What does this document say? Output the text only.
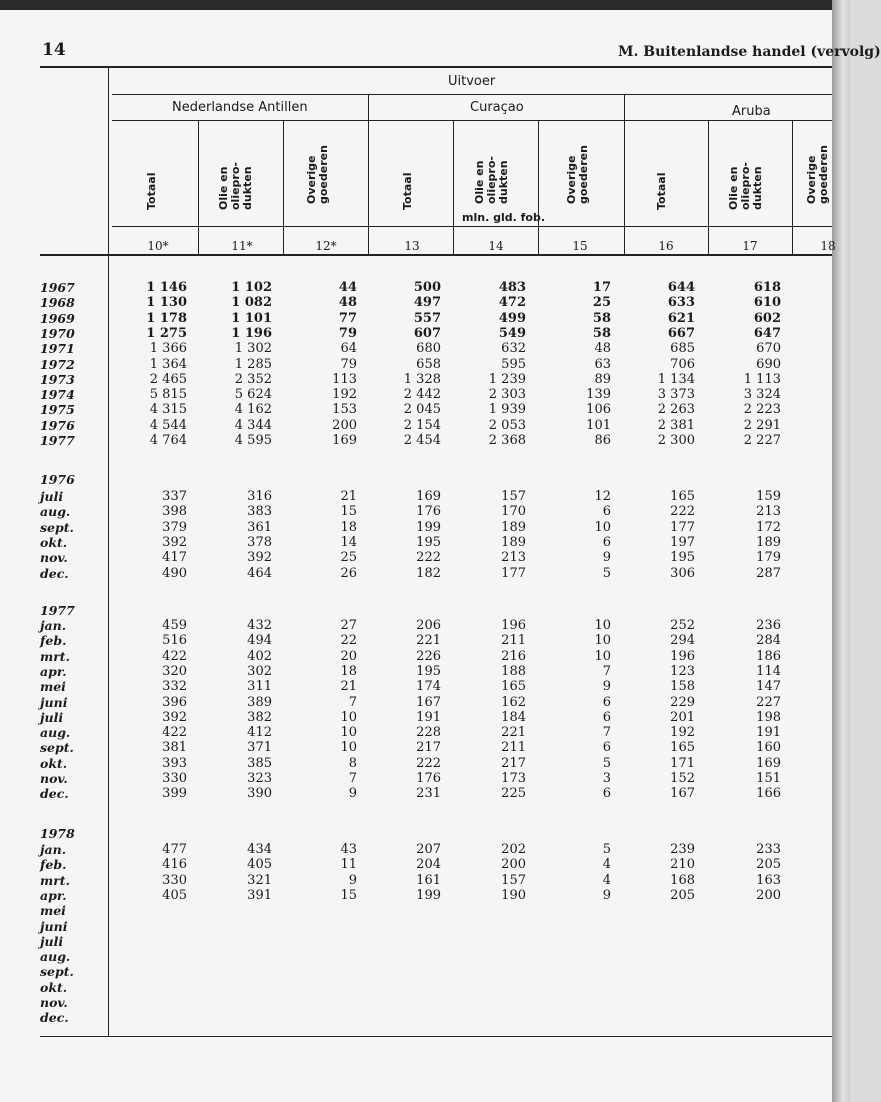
14	M. Buitenlandse handel (vervolg)
Uitvoer
Nederlandse Antillen	Curaçao	Aruba
mln. gld. fob.
Totaal	Olie en
oliepro-
dukten	Overige
goederen	Totaal	Olie en
oliepro-
dukten	Overige
goederen	Totaal	Olie en
oliepro-
dukten	Overige
goederen
10*	11*	12*	13	14	15	16	17	18
1976
1977
1978
1967	1 146	1 102	44	500	483	17	644	618
1968	1 130	1 082	48	497	472	25	633	610
1969	1 178	1 101	77	557	499	58	621	602
1970	1 275	1 196	79	607	549	58	667	647
1971	1 366	1 302	64	680	632	48	685	670
1972	1 364	1 285	79	658	595	63	706	690
1973	2 465	2 352	113	1 328	1 239	89	1 134	1 113
1974	5 815	5 624	192	2 442	2 303	139	3 373	3 324
1975	4 315	4 162	153	2 045	1 939	106	2 263	2 223
1976	4 544	4 344	200	2 154	2 053	101	2 381	2 291
1977	4 764	4 595	169	2 454	2 368	86	2 300	2 227
juli	337	316	21	169	157	12	165	159
aug.	398	383	15	176	170	6	222	213
sept.	379	361	18	199	189	10	177	172
okt.	392	378	14	195	189	6	197	189
nov.	417	392	25	222	213	9	195	179
dec.	490	464	26	182	177	5	306	287
jan.	459	432	27	206	196	10	252	236
feb.	516	494	22	221	211	10	294	284
mrt.	422	402	20	226	216	10	196	186
apr.	320	302	18	195	188	7	123	114
mei	332	311	21	174	165	9	158	147
juni	396	389	7	167	162	6	229	227
juli	392	382	10	191	184	6	201	198
aug.	422	412	10	228	221	7	192	191
sept.	381	371	10	217	211	6	165	160
okt.	393	385	8	222	217	5	171	169
nov.	330	323	7	176	173	3	152	151
dec.	399	390	9	231	225	6	167	166
jan.	477	434	43	207	202	5	239	233
feb.	416	405	11	204	200	4	210	205
mrt.	330	321	9	161	157	4	168	163
apr.	405	391	15	199	190	9	205	200
mei
juni
juli
aug.
sept.
okt.
nov.
dec.
